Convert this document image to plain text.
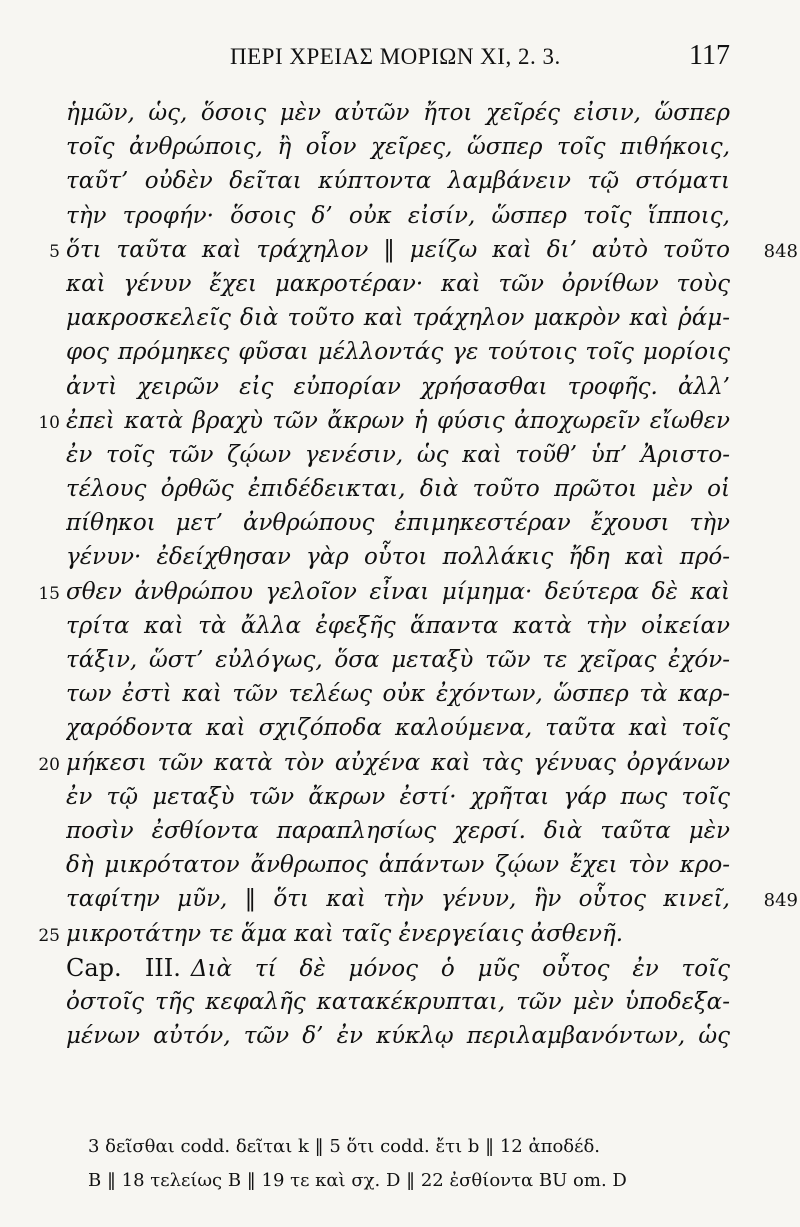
ΠΕΡΙ ΧΡΕΙΑΣ ΜΟΡΙΩΝ XI, 2. 3.	117
ἡμῶν, ὡς, ὅσοις μὲν αὐτῶν ἤτοι χεῖρές εἰσιν, ὥσπερ
τοῖς ἀνθρώποις, ἢ οἷον χεῖρες, ὥσπερ τοῖς πιθήκοις,
ταῦτ’ οὐδὲν δεῖται κύπτοντα λαμβάνειν τῷ στόματι
τὴν τροφήν· ὅσοις δ’ οὐκ εἰσίν, ὥσπερ τοῖς ἵπποις,
ὅτι ταῦτα καὶ τράχηλον ‖ μείζω καὶ δι’ αὐτὸ τοῦτο
5	848
καὶ γένυν ἔχει μακροτέραν· καὶ τῶν ὀρνίθων τοὺς
μακροσκελεῖς διὰ τοῦτο καὶ τράχηλον μακρὸν καὶ ῥάμ-
φος πρόμηκες φῦσαι μέλλοντάς γε τούτοις τοῖς μορίοις
ἀντὶ χειρῶν εἰς εὐπορίαν χρήσασθαι τροφῆς. ἀλλ’
ἐπεὶ κατὰ βραχὺ τῶν ἄκρων ἡ φύσις ἀποχωρεῖν εἴωθεν
10
ἐν τοῖς τῶν ζῴων γενέσιν, ὡς καὶ τοῦθ’ ὑπ’ Ἀριστο-
τέλους ὀρθῶς ἐπιδέδεικται, διὰ τοῦτο πρῶτοι μὲν οἱ
πίθηκοι μετ’ ἀνθρώπους ἐπιμηκεστέραν ἔχουσι τὴν
γένυν· ἐδείχθησαν γὰρ οὗτοι πολλάκις ἤδη καὶ πρό-
σθεν ἀνθρώπου γελοῖον εἶναι μίμημα· δεύτερα δὲ καὶ
15
τρίτα καὶ τὰ ἄλλα ἐφεξῆς ἅπαντα κατὰ τὴν οἰκείαν
τάξιν, ὥστ’ εὐλόγως, ὅσα μεταξὺ τῶν τε χεῖρας ἐχόν-
των ἐστὶ καὶ τῶν τελέως οὐκ ἐχόντων, ὥσπερ τὰ καρ-
χαρόδοντα καὶ σχιζόποδα καλούμενα, ταῦτα καὶ τοῖς
μήκεσι τῶν κατὰ τὸν αὐχένα καὶ τὰς γένυας ὀργάνων
20
ἐν τῷ μεταξὺ τῶν ἄκρων ἐστί· χρῆται γάρ πως τοῖς
ποσὶν ἐσθίοντα παραπλησίως χερσί. διὰ ταῦτα μὲν
δὴ μικρότατον ἄνθρωπος ἁπάντων ζῴων ἔχει τὸν κρο-
ταφίτην μῦν, ‖ ὅτι καὶ τὴν γένυν, ἣν οὗτος κινεῖ, 849
μικροτάτην τε ἅμα καὶ ταῖς ἐνεργείαις ἀσθενῆ.
25
Cap. III. Διὰ τί δὲ μόνος ὁ μῦς οὗτος ἐν τοῖς
ὀστοῖς τῆς κεφαλῆς κατακέκρυπται, τῶν μὲν ὑποδεξα-
μένων αὐτόν, τῶν δ’ ἐν κύκλῳ περιλαμβανόντων, ὡς
3 δεῖσθαι codd. δεῖται k ‖ 5 ὅτι codd. ἔτι b ‖ 12 ἀποδέδ.
B ‖ 18 τελείως B ‖ 19 τε καὶ σχ. D ‖ 22 ἐσθίοντα BU om. D
